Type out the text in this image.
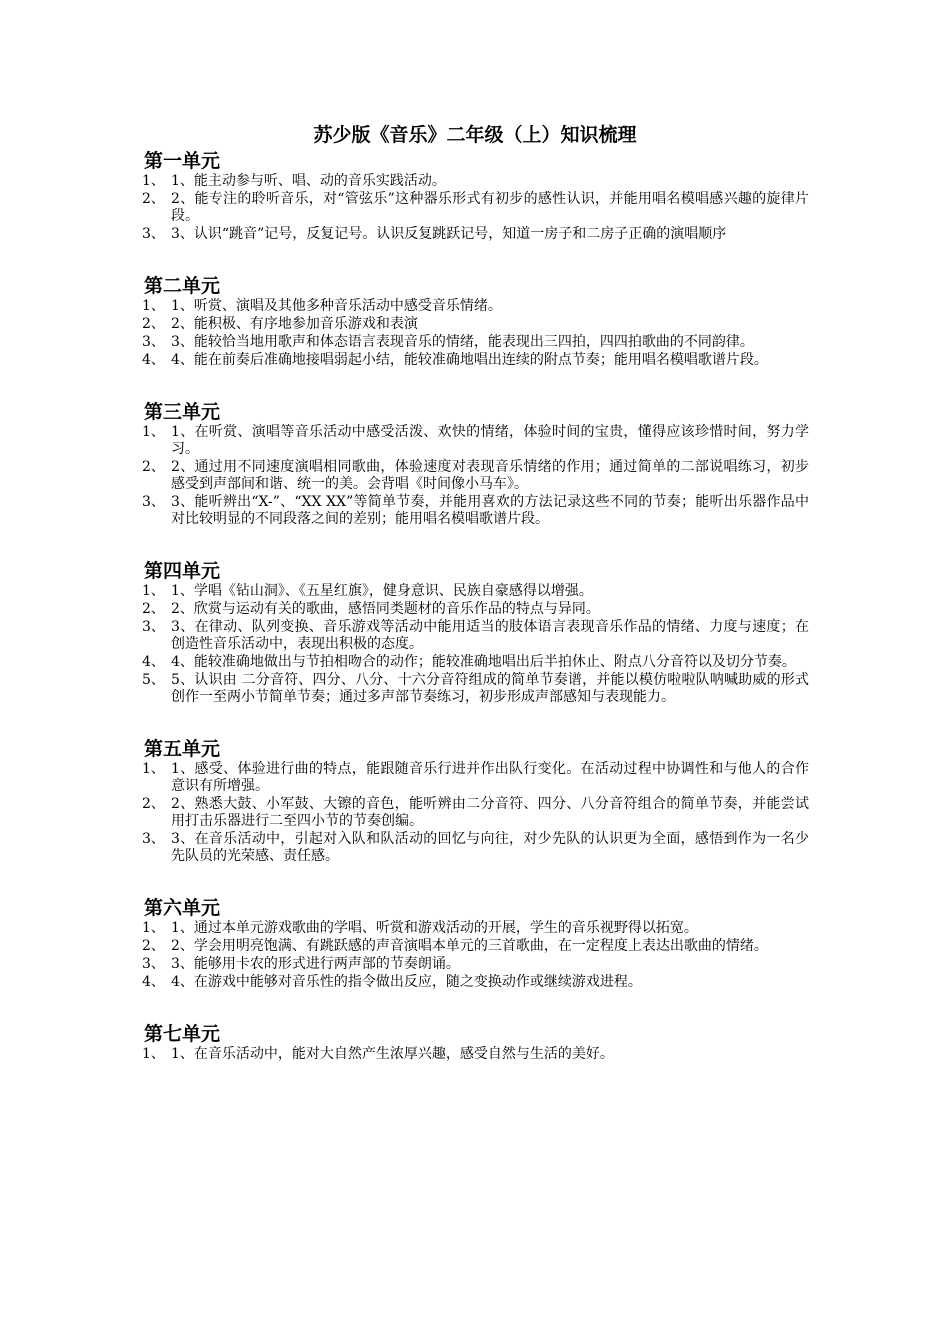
苏少版《音乐》二年级（上）知识梳理
第一单元
1、 1、能主动参与听、唱、动的音乐实践活动。
2、 2、能专注的聆听音乐，对“管弦乐”这种器乐形式有初步的感性认识，并能用唱名模唱感兴趣的旋律片段。
3、 3、认识“跳音”记号，反复记号。认识反复跳跃记号，知道一房子和二房子正确的演唱顺序
第二单元
1、 1、听赏、演唱及其他多种音乐活动中感受音乐情绪。
2、 2、能积极、有序地参加音乐游戏和表演
3、 3、能较恰当地用歌声和体态语言表现音乐的情绪，能表现出三四拍，四四拍歌曲的不同韵律。
4、 4、能在前奏后准确地接唱弱起小结，能较准确地唱出连续的附点节奏；能用唱名模唱歌谱片段。
第三单元
1、 1、在听赏、演唱等音乐活动中感受活泼、欢快的情绪，体验时间的宝贵，懂得应该珍惜时间，努力学习。
2、 2、通过用不同速度演唱相同歌曲，体验速度对表现音乐情绪的作用；通过简单的二部说唱练习，初步感受到声部间和谐、统一的美。会背唱《时间像小马车》。
3、 3、能听辨出“X-”、“XX XX”等简单节奏，并能用喜欢的方法记录这些不同的节奏；能听出乐器作品中对比较明显的不同段落之间的差别；能用唱名模唱歌谱片段。
第四单元
1、 1、学唱《钻山洞》、《五星红旗》，健身意识、民族自豪感得以增强。
2、 2、欣赏与运动有关的歌曲，感悟同类题材的音乐作品的特点与异同。
3、 3、在律动、队列变换、音乐游戏等活动中能用适当的肢体语言表现音乐作品的情绪、力度与速度；在创造性音乐活动中，表现出积极的态度。
4、 4、能较准确地做出与节拍相吻合的动作；能较准确地唱出后半拍休止、附点八分音符以及切分节奏。
5、 5、认识由 二分音符、四分、八分、十六分音符组成的简单节奏谱，并能以模仿啦啦队呐喊助威的形式创作一至两小节简单节奏；通过多声部节奏练习，初步形成声部感知与表现能力。
第五单元
1、 1、感受、体验进行曲的特点，能跟随音乐行进并作出队行变化。在活动过程中协调性和与他人的合作意识有所增强。
2、 2、熟悉大鼓、小军鼓、大镲的音色，能听辨由二分音符、四分、八分音符组合的简单节奏，并能尝试用打击乐器进行二至四小节的节奏创编。
3、 3、在音乐活动中，引起对入队和队活动的回忆与向往，对少先队的认识更为全面，感悟到作为一名少先队员的光荣感、责任感。
第六单元
1、 1、通过本单元游戏歌曲的学唱、听赏和游戏活动的开展，学生的音乐视野得以拓宽。
2、 2、学会用明亮饱满、有跳跃感的声音演唱本单元的三首歌曲，在一定程度上表达出歌曲的情绪。
3、 3、能够用卡农的形式进行两声部的节奏朗诵。
4、 4、在游戏中能够对音乐性的指令做出反应，随之变换动作或继续游戏进程。
第七单元
1、 1、在音乐活动中，能对大自然产生浓厚兴趣，感受自然与生活的美好。
